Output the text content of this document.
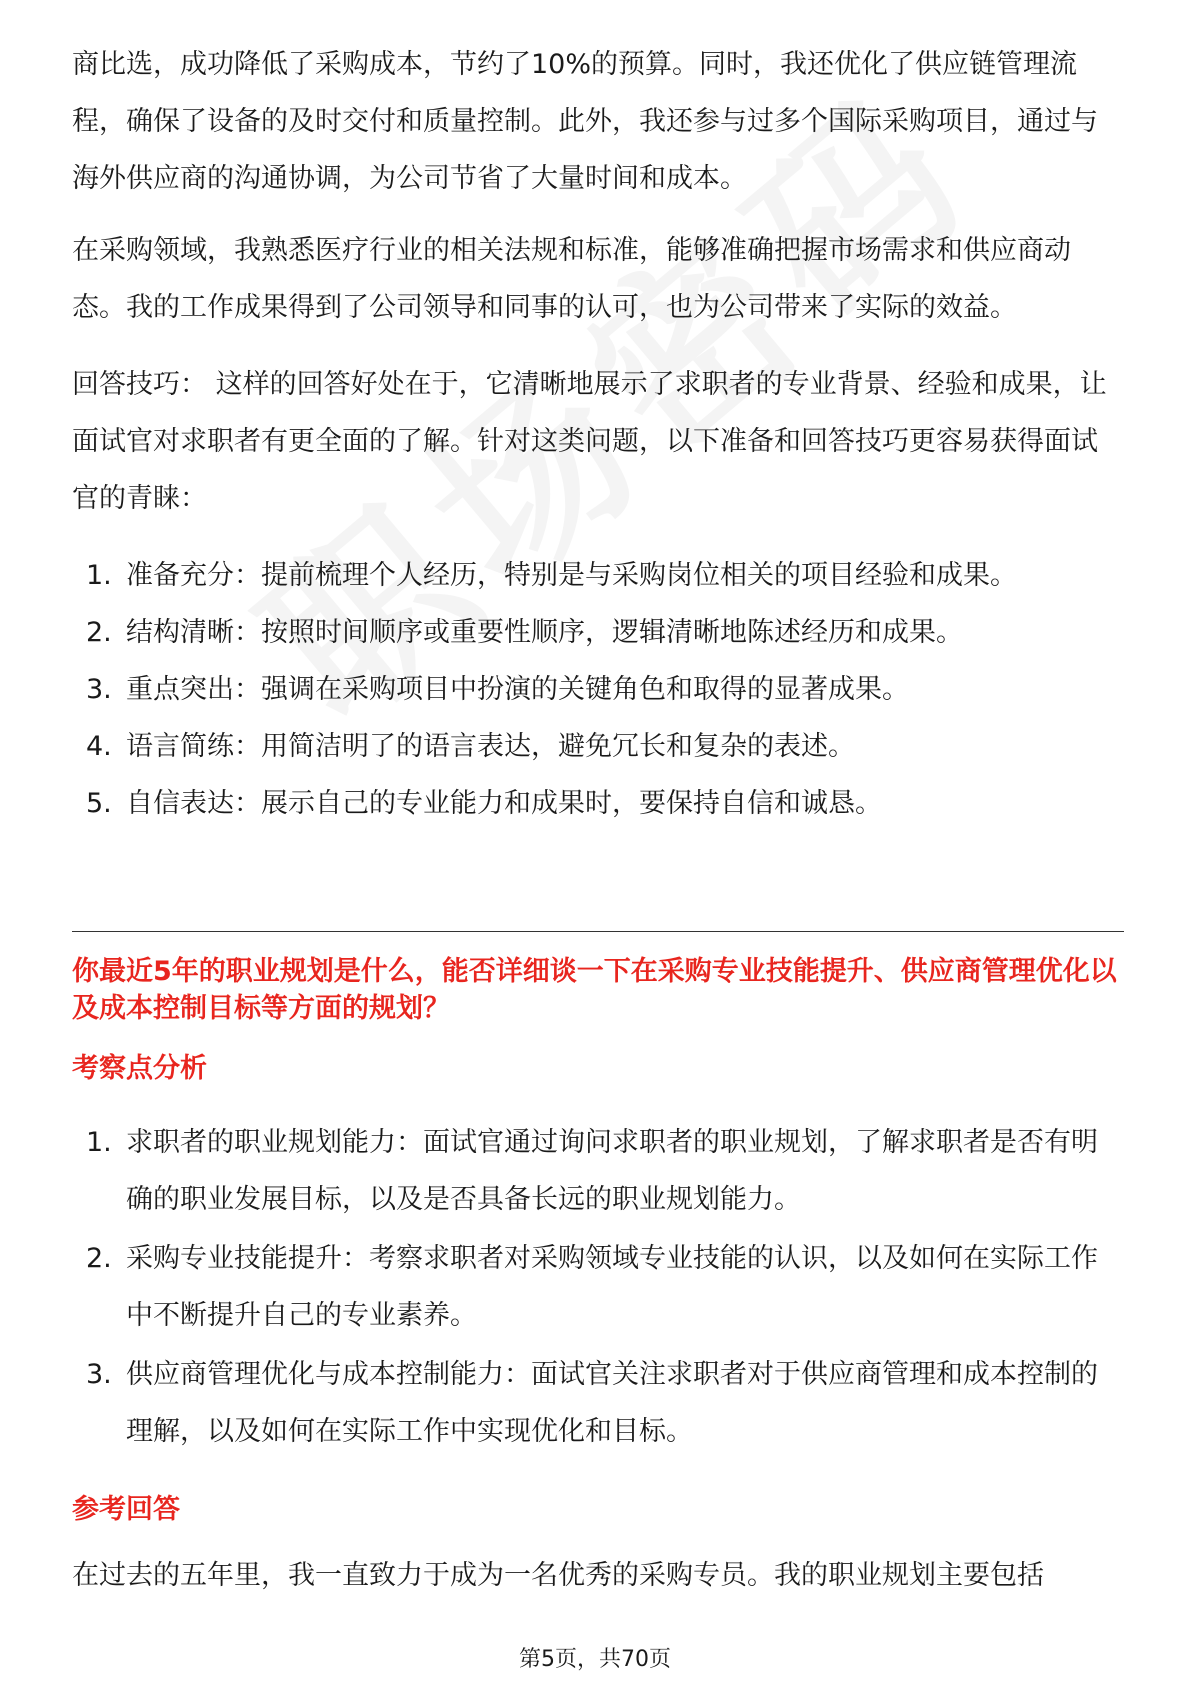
商比选，成功降低了采购成本，节约了10%的预算。同时，我还优化了供应链管理流程，确保了设备的及时交付和质量控制。此外，我还参与过多个国际采购项目，通过与海外供应商的沟通协调，为公司节省了大量时间和成本。

在采购领域，我熟悉医疗行业的相关法规和标准，能够准确把握市场需求和供应商动态。我的工作成果得到了公司领导和同事的认可，也为公司带来了实际的效益。

回答技巧： 这样的回答好处在于，它清晰地展示了求职者的专业背景、经验和成果，让面试官对求职者有更全面的了解。针对这类问题，以下准备和回答技巧更容易获得面试官的青睐：

1. 准备充分：提前梳理个人经历，特别是与采购岗位相关的项目经验和成果。
2. 结构清晰：按照时间顺序或重要性顺序，逻辑清晰地陈述经历和成果。
3. 重点突出：强调在采购项目中扮演的关键角色和取得的显著成果。
4. 语言简练：用简洁明了的语言表达，避免冗长和复杂的表述。
5. 自信表达：展示自己的专业能力和成果时，要保持自信和诚恳。
你最近5年的职业规划是什么，能否详细谈一下在采购专业技能提升、供应商管理优化以及成本控制目标等方面的规划？
考察点分析
1. 求职者的职业规划能力：面试官通过询问求职者的职业规划，了解求职者是否有明确的职业发展目标，以及是否具备长远的职业规划能力。
2. 采购专业技能提升：考察求职者对采购领域专业技能的认识，以及如何在实际工作中不断提升自己的专业素养。
3. 供应商管理优化与成本控制能力：面试官关注求职者对于供应商管理和成本控制的理解，以及如何在实际工作中实现优化和目标。
参考回答

在过去的五年里，我一直致力于成为一名优秀的采购专员。我的职业规划主要包括

第5页，共70页
